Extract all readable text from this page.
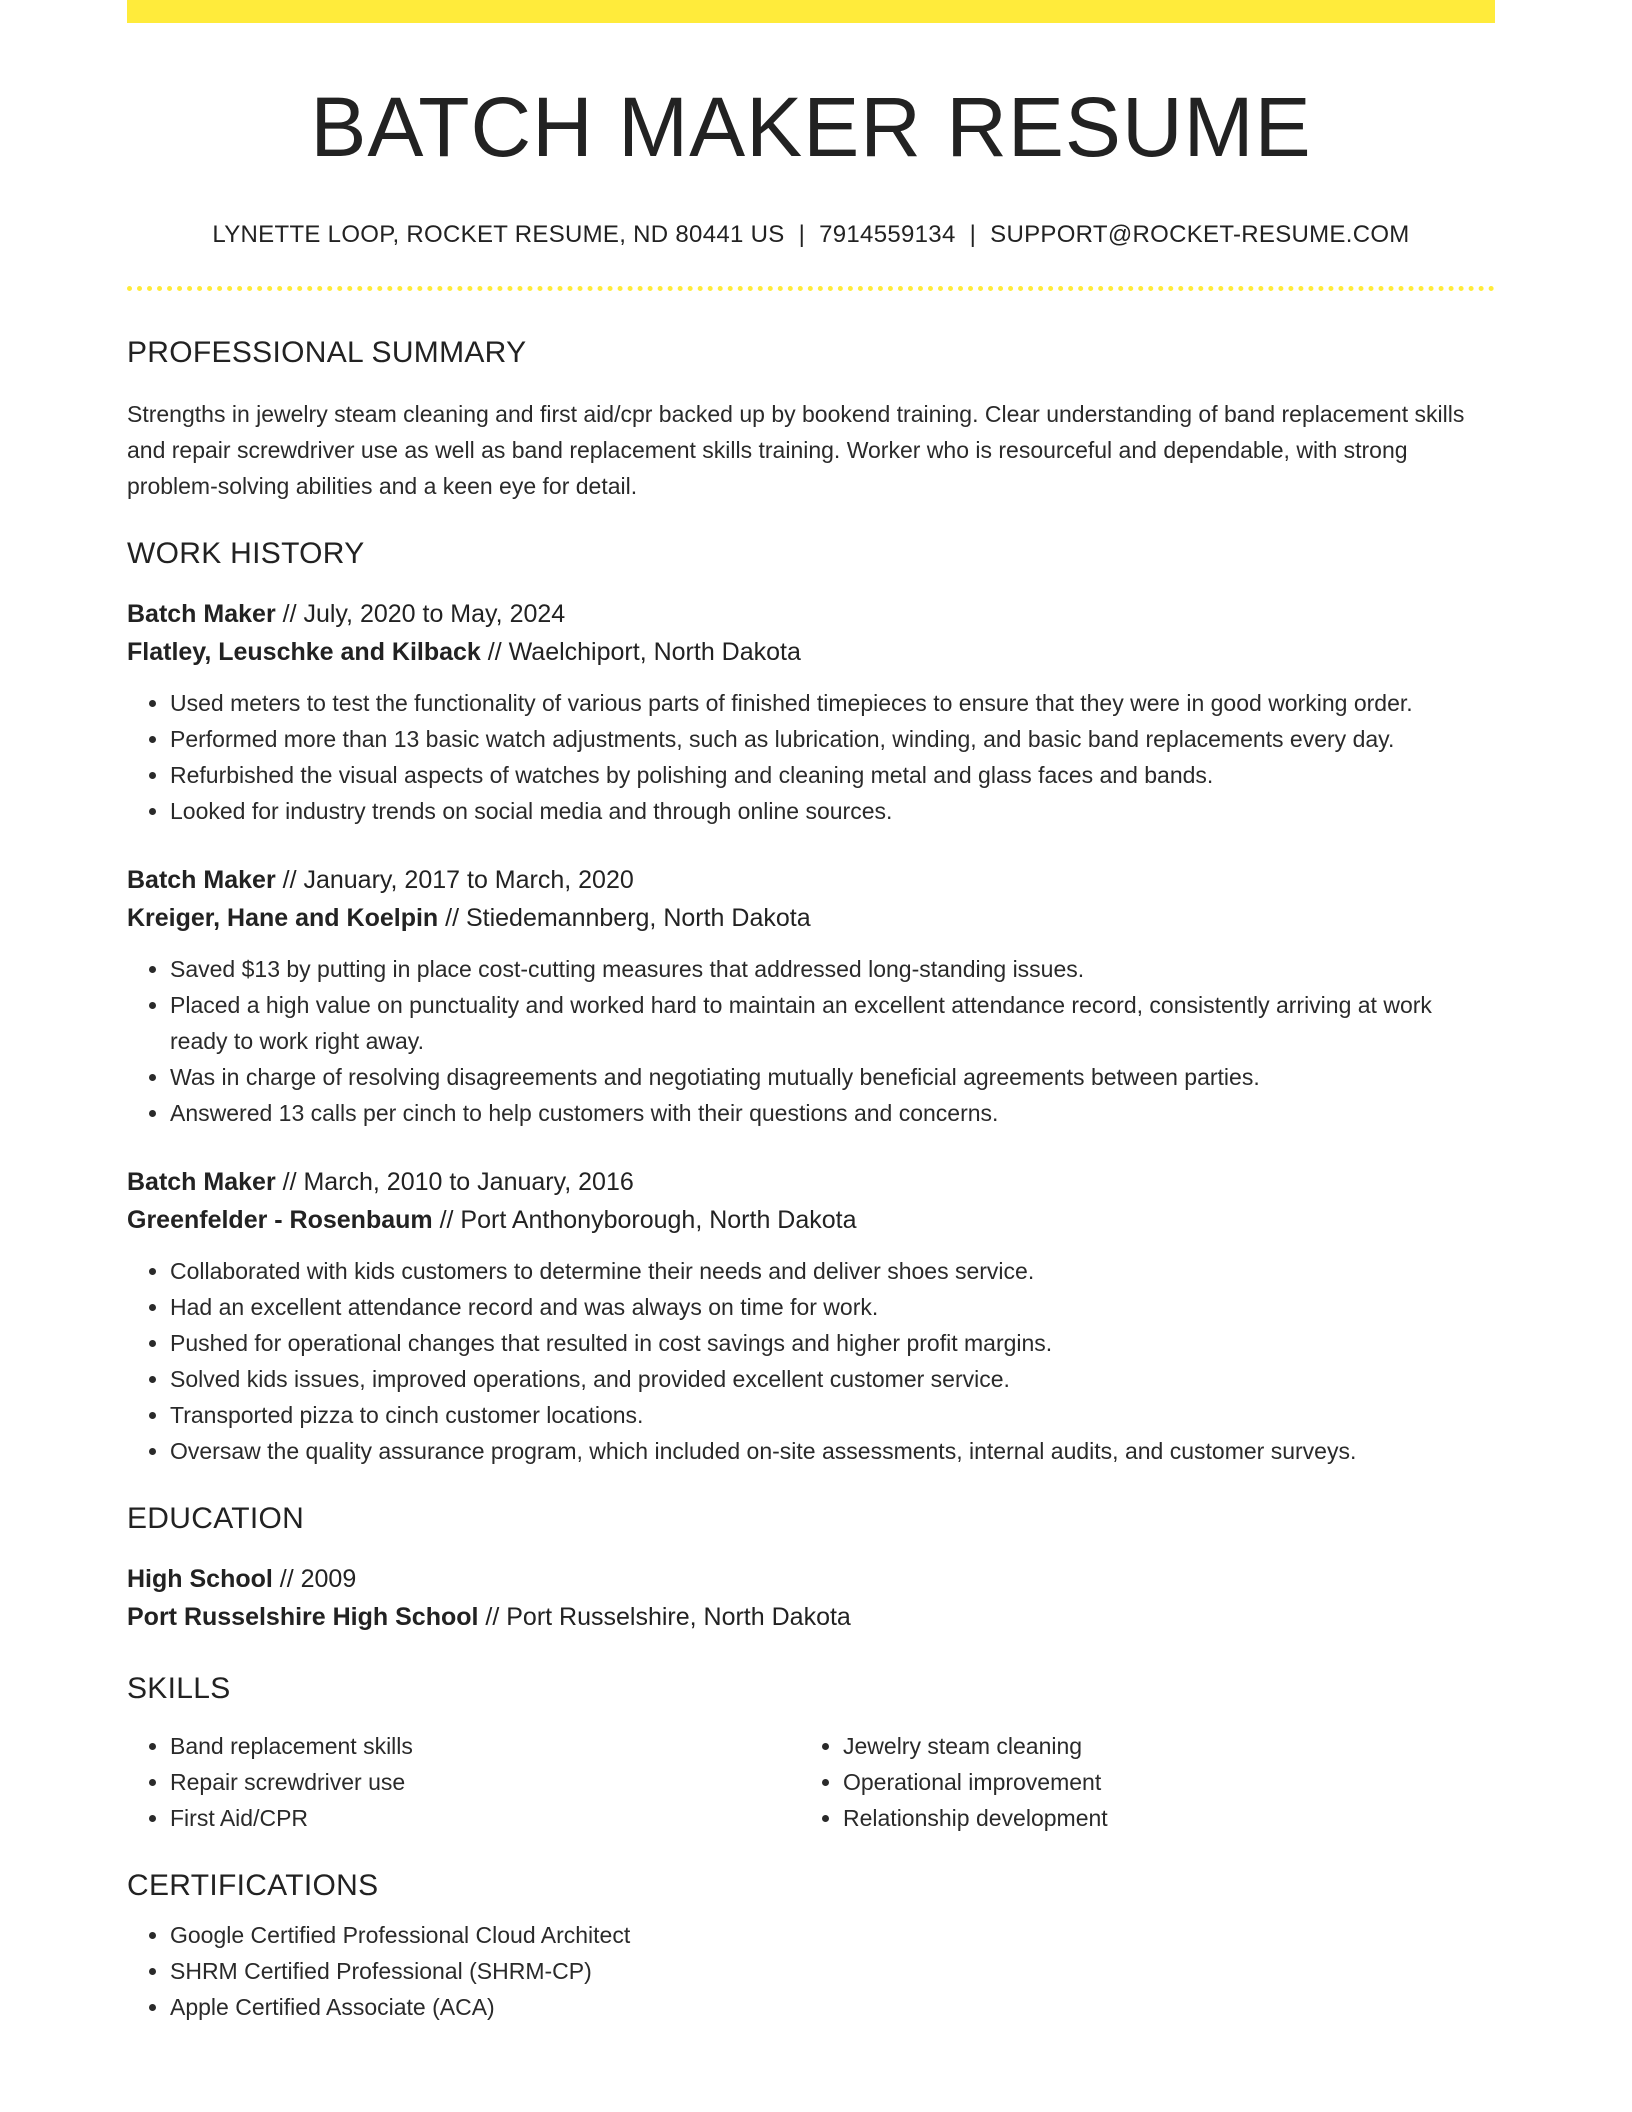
BATCH MAKER RESUME
LYNETTE LOOP, ROCKET RESUME, ND 80441 US | 7914559134 | SUPPORT@ROCKET-RESUME.COM
PROFESSIONAL SUMMARY

Strengths in jewelry steam cleaning and first aid/cpr backed up by bookend training. Clear understanding of band replacement skills and repair screwdriver use as well as band replacement skills training. Worker who is resourceful and dependable, with strong problem-solving abilities and a keen eye for detail.

WORK HISTORY
Batch Maker // July, 2020 to May, 2024
Flatley, Leuschke and Kilback // Waelchiport, North Dakota
• Used meters to test the functionality of various parts of finished timepieces to ensure that they were in good working order.
• Performed more than 13 basic watch adjustments, such as lubrication, winding, and basic band replacements every day.
• Refurbished the visual aspects of watches by polishing and cleaning metal and glass faces and bands.
• Looked for industry trends on social media and through online sources.
Batch Maker // January, 2017 to March, 2020
Kreiger, Hane and Koelpin // Stiedemannberg, North Dakota
• Saved $13 by putting in place cost-cutting measures that addressed long-standing issues.
• Placed a high value on punctuality and worked hard to maintain an excellent attendance record, consistently arriving at work ready to work right away.
• Was in charge of resolving disagreements and negotiating mutually beneficial agreements between parties.
• Answered 13 calls per cinch to help customers with their questions and concerns.
Batch Maker // March, 2010 to January, 2016
Greenfelder - Rosenbaum // Port Anthonyborough, North Dakota
• Collaborated with kids customers to determine their needs and deliver shoes service.
• Had an excellent attendance record and was always on time for work.
• Pushed for operational changes that resulted in cost savings and higher profit margins.
• Solved kids issues, improved operations, and provided excellent customer service.
• Transported pizza to cinch customer locations.
• Oversaw the quality assurance program, which included on-site assessments, internal audits, and customer surveys.
EDUCATION
High School // 2009
Port Russelshire High School // Port Russelshire, North Dakota
SKILLS
• Band replacement skills
• Repair screwdriver use
• First Aid/CPR
• Jewelry steam cleaning
• Operational improvement
• Relationship development
CERTIFICATIONS
• Google Certified Professional Cloud Architect
• SHRM Certified Professional (SHRM-CP)
• Apple Certified Associate (ACA)
